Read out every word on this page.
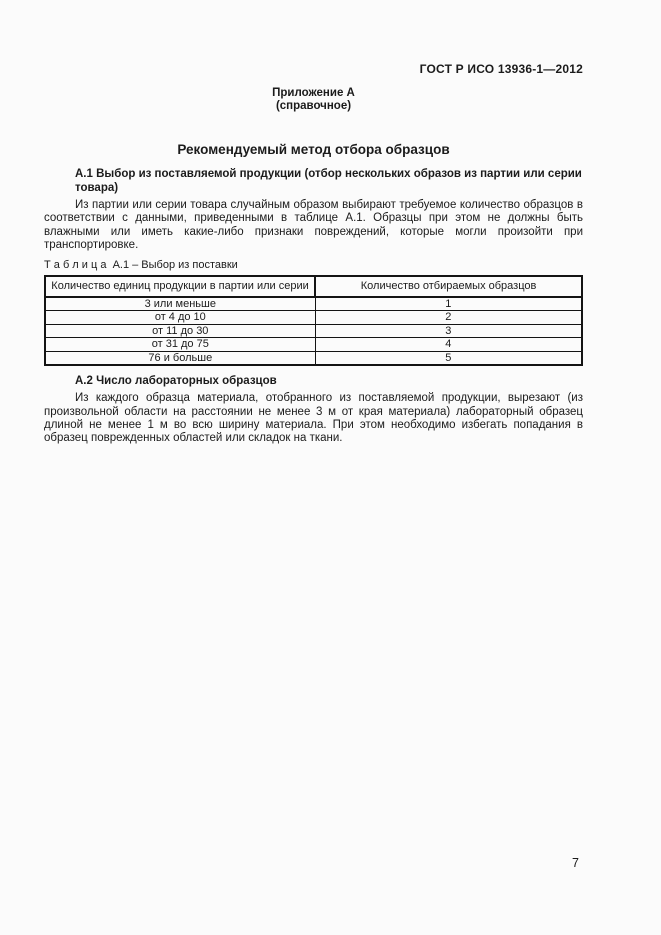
ГОСТ Р ИСО 13936-1—2012
Приложение А
(справочное)
Рекомендуемый метод отбора образцов
А.1 Выбор из поставляемой продукции (отбор нескольких образов из партии или серии товара)
Из партии или серии товара случайным образом выбирают требуемое количество образцов в соответствии с данными, приведенными в таблице А.1. Образцы при этом не должны быть влажными или иметь какие-либо признаки повреждений, которые могли произойти при транспортировке.
Т а б л и ц а  А.1 – Выбор из поставки
Количество единиц продукции в партии или серии	Количество отбираемых образцов
3 или меньше	1
от 4 до 10	2
от 11 до 30	3
от 31 до 75	4
76 и больше	5
А.2 Число лабораторных образцов
Из каждого образца материала, отобранного из поставляемой продукции, вырезают (из произвольной области на расстоянии не менее 3 м от края материала) лабораторный образец длиной не менее 1 м во всю ширину материала. При этом необходимо избегать попадания в образец поврежденных областей или складок на ткани.
7
